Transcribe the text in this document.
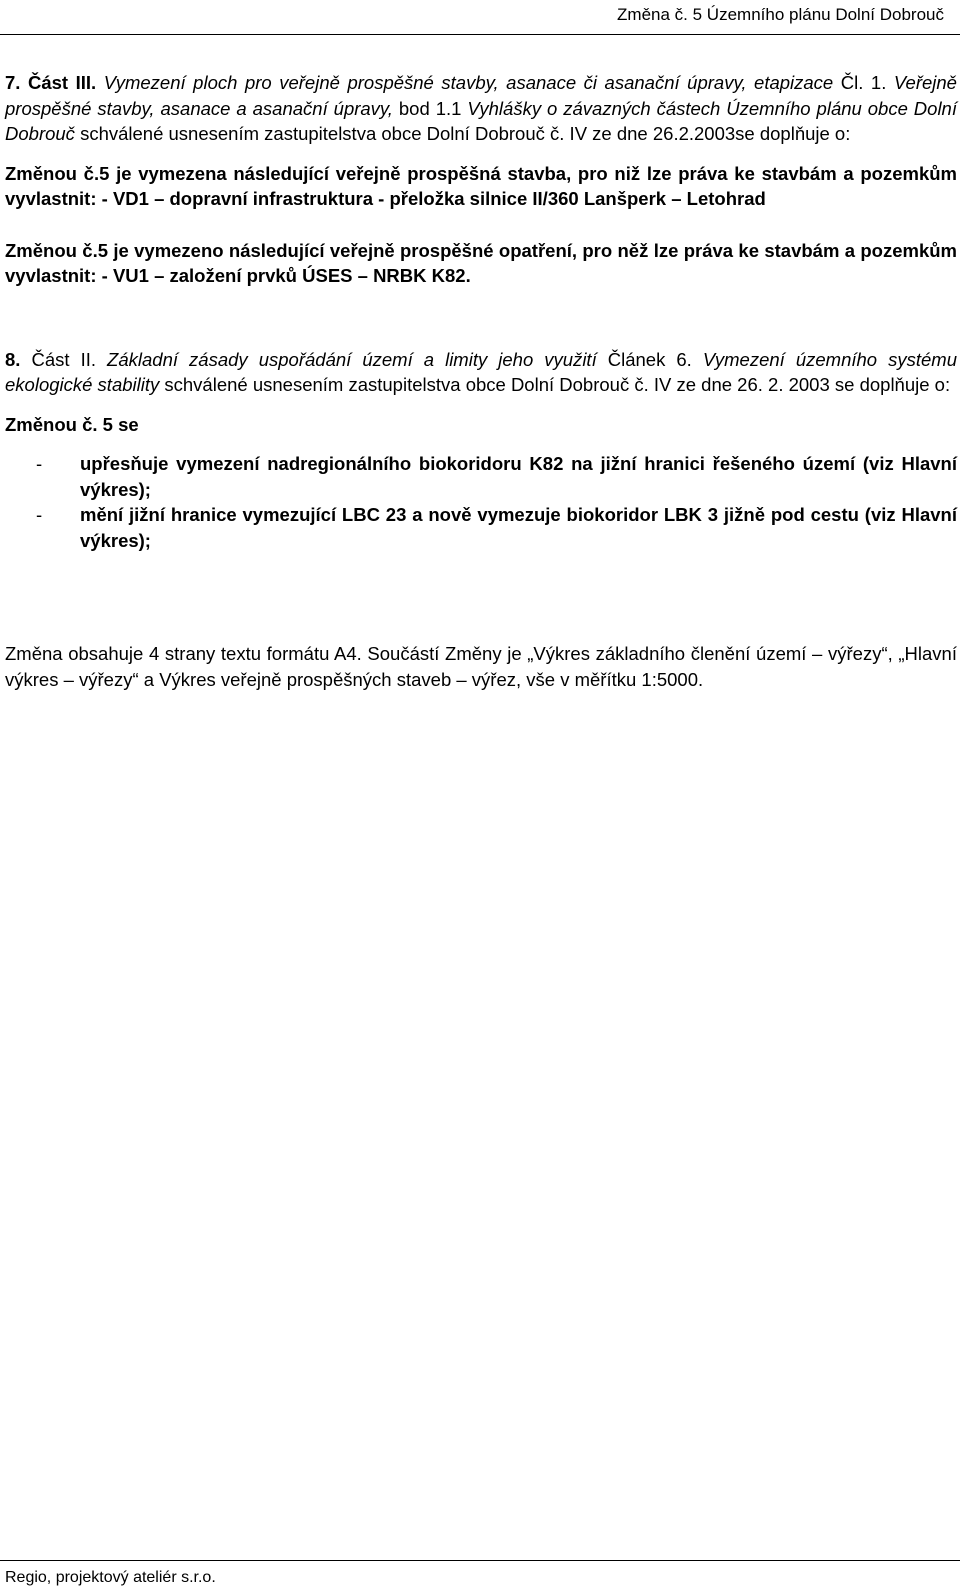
Změna č. 5 Územního plánu Dolní Dobrouč

7. Část III. Vymezení ploch pro veřejně prospěšné stavby, asanace či asanační úpravy, etapizace Čl. 1. Veřejně prospěšné stavby, asanace a asanační úpravy, bod 1.1 Vyhlášky o závazných částech Územního plánu obce Dolní Dobrouč schválené usnesením zastupitelstva obce Dolní Dobrouč č. IV ze dne 26.2.2003se doplňuje o:

Změnou č.5 je vymezena následující veřejně prospěšná stavba, pro niž lze práva ke stavbám a pozemkům vyvlastnit: - VD1 – dopravní infrastruktura - přeložka silnice II/360 Lanšperk – Letohrad

Změnou č.5 je vymezeno následující veřejně prospěšné opatření, pro něž lze práva ke stavbám a pozemkům vyvlastnit: - VU1 – založení prvků ÚSES – NRBK K82.

8. Část II. Základní zásady uspořádání území a limity jeho využití Článek 6. Vymezení územního systému ekologické stability schválené usnesením zastupitelstva obce Dolní Dobrouč č. IV ze dne 26. 2. 2003 se doplňuje o:

Změnou č. 5 se

- upřesňuje vymezení nadregionálního biokoridoru K82 na jižní hranici řešeného území (viz Hlavní výkres);
- mění jižní hranice vymezující LBC 23 a nově vymezuje biokoridor LBK 3 jižně pod cestu (viz Hlavní výkres);

Změna obsahuje 4 strany textu formátu A4. Součástí Změny je „Výkres základního členění území – výřezy“, „Hlavní výkres – výřezy“ a Výkres veřejně prospěšných staveb – výřez, vše v měřítku 1:5000.

Regio, projektový ateliér s.r.o.
